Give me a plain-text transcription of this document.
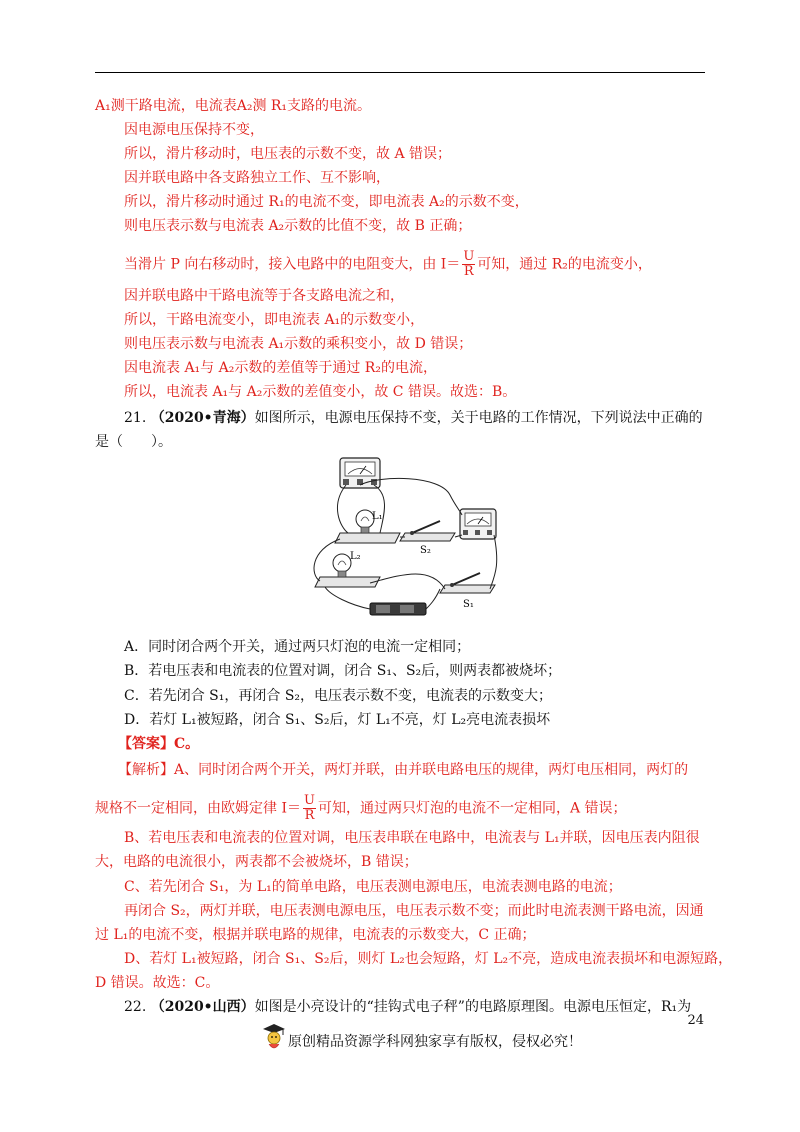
A₁测干路电流，电流表A₂测 R₁支路的电流。
因电源电压保持不变，
所以，滑片移动时，电压表的示数不变，故 A 错误；
因并联电路中各支路独立工作、互不影响，
所以，滑片移动时通过 R₁的电流不变，即电流表 A₂的示数不变，
则电压表示数与电流表 A₂示数的比值不变，故 B 正确；
当滑片 P 向右移动时，接入电路中的电阻变大，由 $I= \frac{U}{R}$ 可知，通过 R₂的电流变小，
因并联电路中干路电流等于各支路电流之和，
所以，干路电流变小，即电流表 A₁的示数变小，
则电压表示数与电流表 A₁示数的乘积变小，故 D 错误；
因电流表 A₁与 A₂示数的差值等于通过 R₂的电流，
所以，电流表 A₁与 A₂示数的差值变小，故 C 错误。故选：B。
21. （2020•青海）如图所示，电源电压保持不变，关于电路的工作情况，下列说法中正确的
是（　　）。
L₁
L₂
S₂
S₁
A．同时闭合两个开关，通过两只灯泡的电流一定相同；
B．若电压表和电流表的位置对调，闭合 S₁、S₂后，则两表都被烧坏；
C．若先闭合 S₁，再闭合 S₂，电压表示数不变，电流表的示数变大；
D．若灯 L₁被短路，闭合 S₁、S₂后，灯 L₁不亮，灯 L₂亮电流表损坏
【答案】C。
【解析】A、同时闭合两个开关，两灯并联，由并联电路电压的规律，两灯电压相同，两灯的
规格不一定相同，由欧姆定律 $I= \frac{U}{R}$ 可知，通过两只灯泡的电流不一定相同，A 错误；
B、若电压表和电流表的位置对调，电压表串联在电路中，电流表与 L₁并联，因电压表内阻很
大，电路的电流很小，两表都不会被烧坏，B 错误；
C、若先闭合 S₁，为 L₁的简单电路，电压表测电源电压，电流表测电路的电流；
再闭合 S₂，两灯并联，电压表测电源电压，电压表示数不变；而此时电流表测干路电流，因通
过 L₁的电流不变，根据并联电路的规律，电流表的示数变大，C 正确；
D、若灯 L₁被短路，闭合 S₁、S₂后，则灯 L₂也会短路，灯 L₂不亮，造成电流表损坏和电源短路，
D 错误。故选：C。
22. （2020•山西）如图是小亮设计的“挂钩式电子秤”的电路原理图。电源电压恒定，R₁为
24
原创精品资源学科网独家享有版权，侵权必究！
